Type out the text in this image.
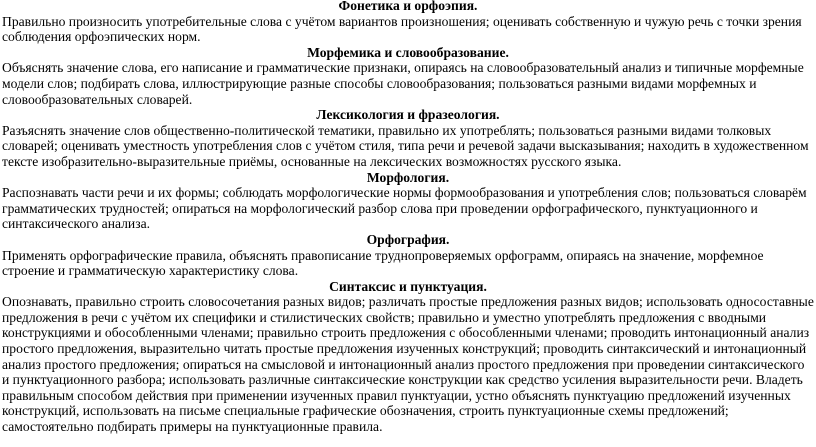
Фонетика и орфоэпия.

Правильно произносить употребительные слова с учётом вариантов произношения; оценивать собственную и чужую речь с точки зрения соблюдения орфоэпических норм.

Морфемика и словообразование.

Объяснять значение слова, его написание и грамматические признаки, опираясь на словообразовательный анализ и типичные морфемные модели слов; подбирать слова, иллюстрирующие разные способы словообразования; пользоваться разными видами морфемных и словообразовательных словарей.

Лексикология и фразеология.

Разъяснять значение слов общественно-политической тематики, правильно их употреблять; пользоваться разными видами толковых словарей; оценивать уместность употребления слов с учётом стиля, типа речи и речевой задачи высказывания; находить в художественном тексте изобразительно-выразительные приёмы, основанные на лексических возможностях русского языка.

Морфология.

Распознавать части речи и их формы; соблюдать морфологические нормы формообразования и употребления слов; пользоваться словарём грамматических трудностей; опираться на морфологический разбор слова при проведении орфографического, пунктуационного и синтаксического анализа.

Орфография.

Применять орфографические правила, объяснять правописание труднопроверяемых орфограмм, опираясь на значение, морфемное строение и грамматическую характеристику слова.

Синтаксис и пунктуация.

Опознавать, правильно строить словосочетания разных видов; различать простые предложения разных видов; использовать односоставные предложения в речи с учётом их специфики и стилистических свойств; правильно и уместно употреблять предложения с вводными конструкциями и обособленными членами; правильно строить предложения с обособленными членами; проводить интонационный анализ простого предложения, выразительно читать простые предложения изученных конструкций; проводить синтаксический и интонационный анализ простого предложения; опираться на смысловой и интонационный анализ простого предложения при проведении синтаксического и пунктуационного разбора; использовать различные синтаксические конструкции как средство усиления выразительности речи. Владеть правильным способом действия при применении изученных правил пунктуации, устно объяснять пунктуацию предложений изученных конструкций, использовать на письме специальные графические обозначения, строить пунктуационные схемы предложений; самостоятельно подбирать примеры на пунктуационные правила.
